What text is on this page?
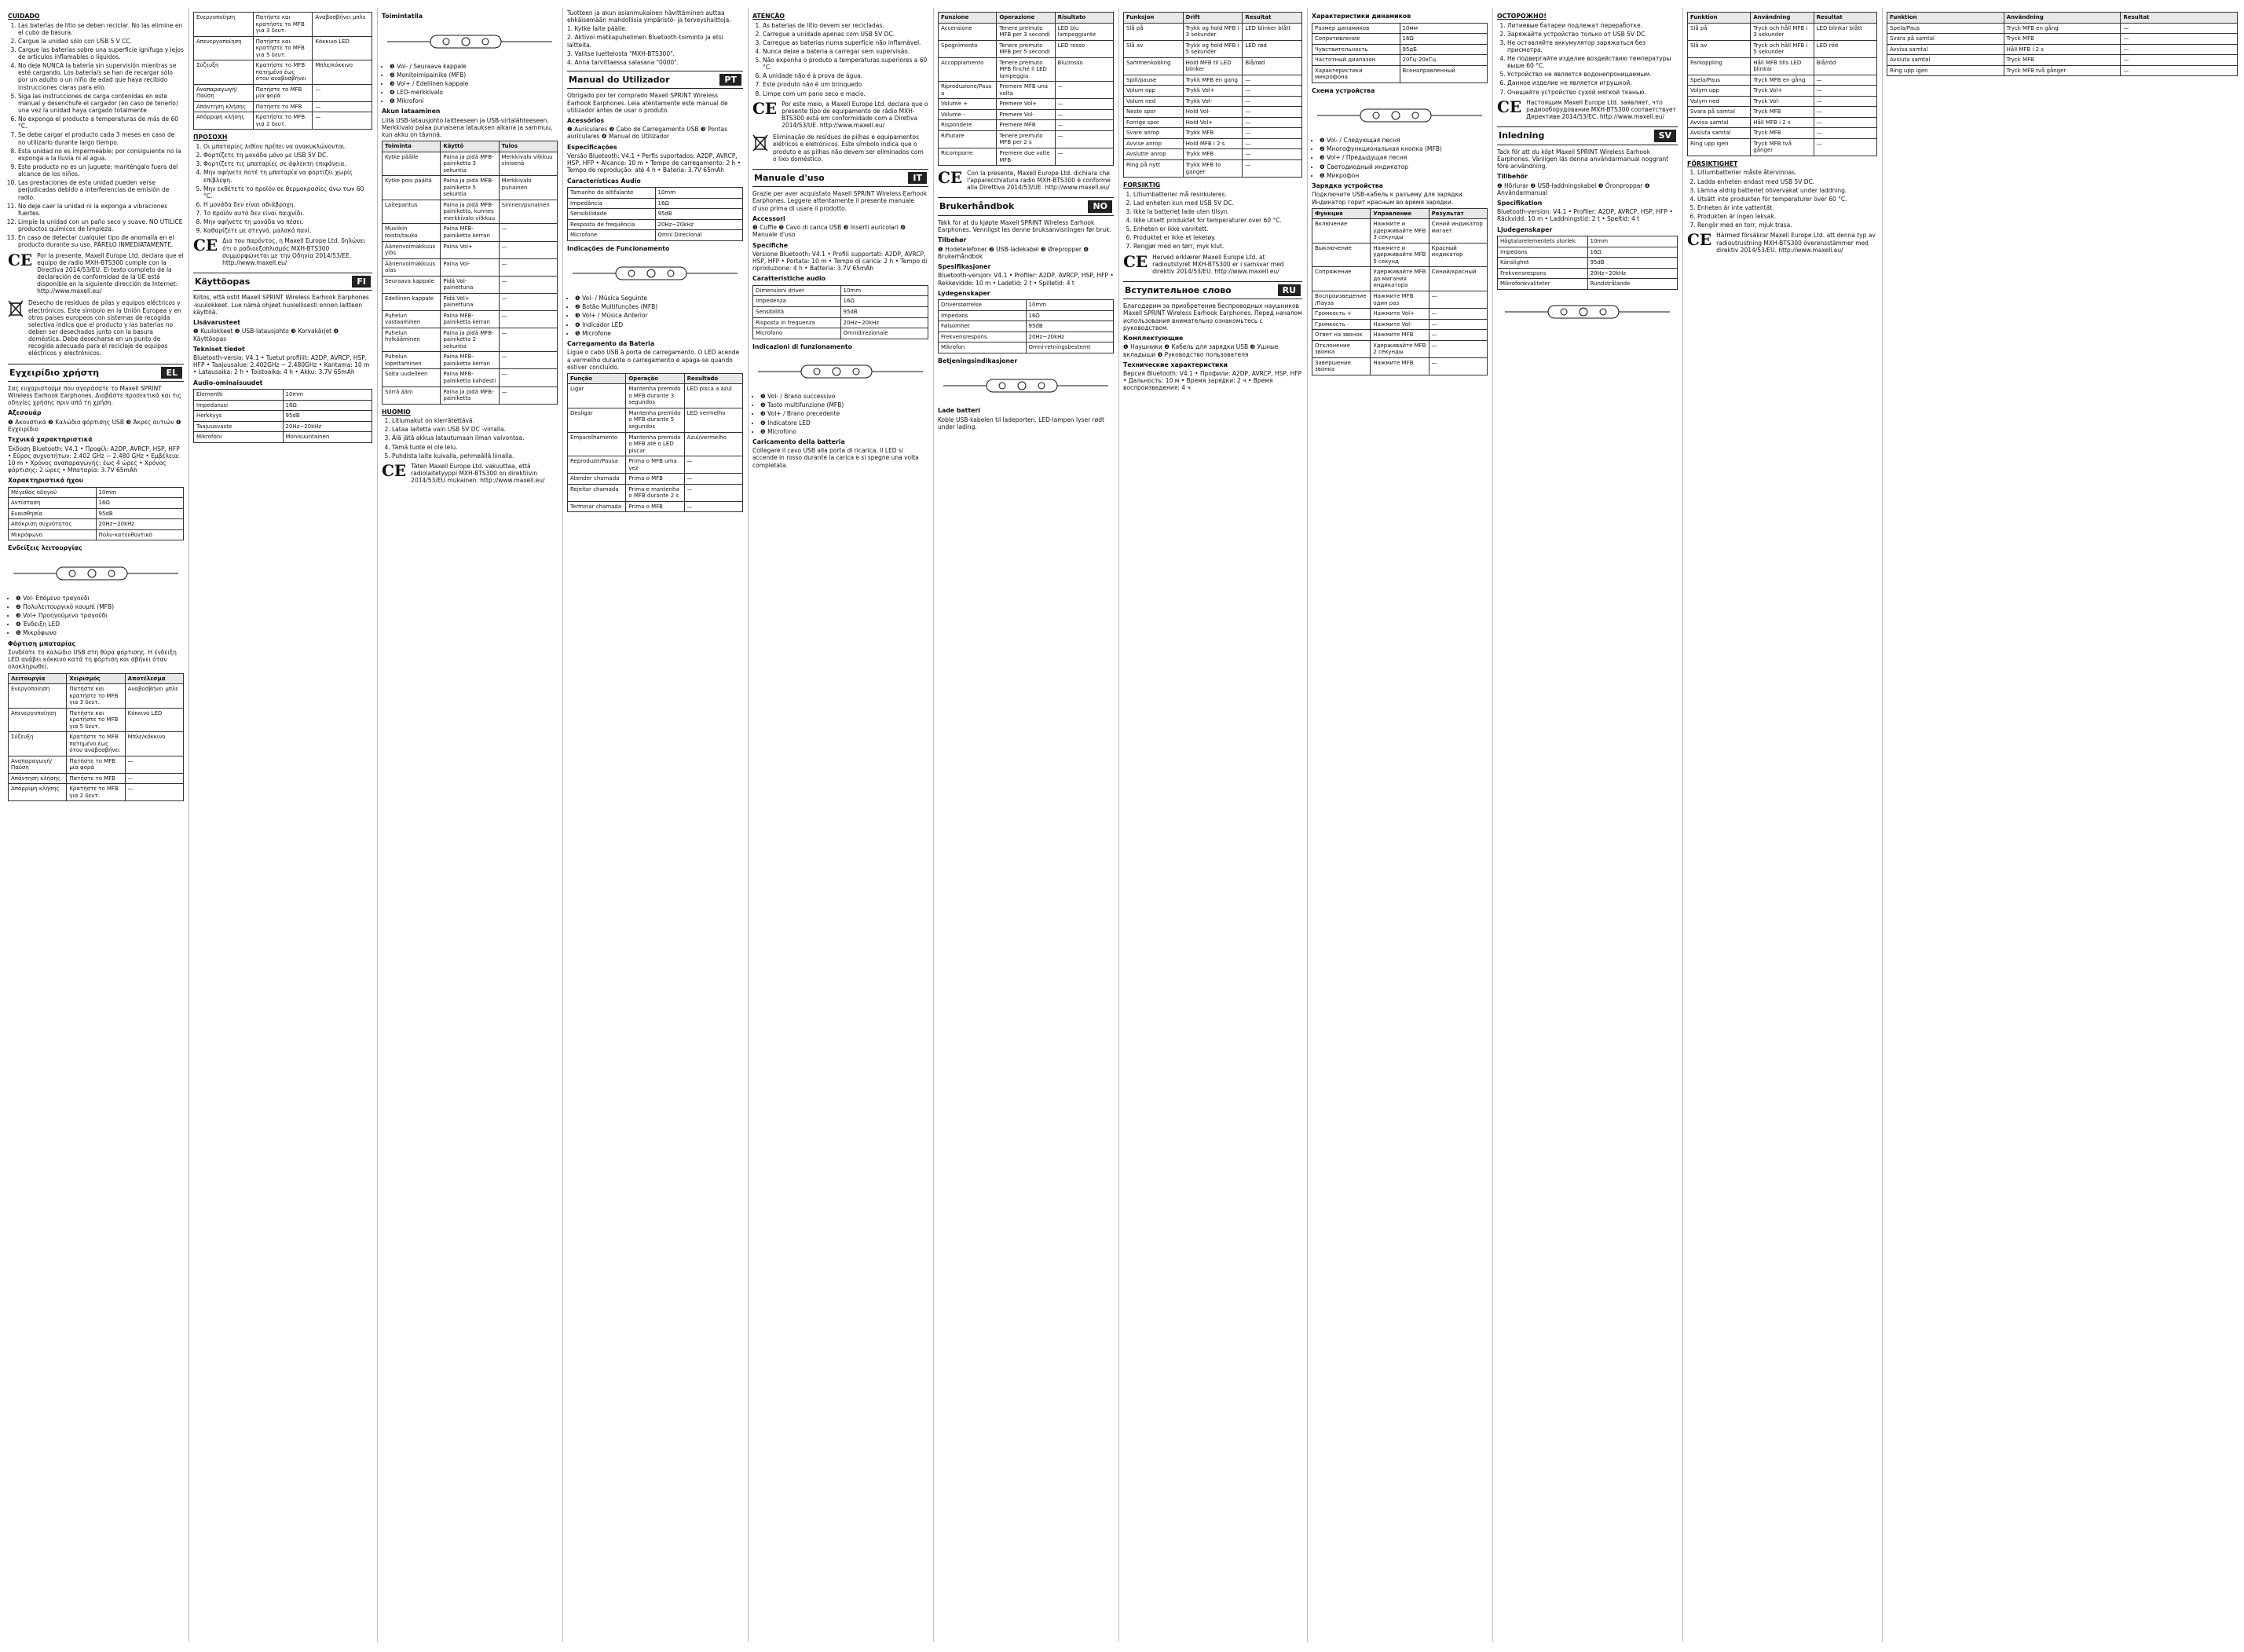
CUIDADO
1. Las baterías de litio se deben reciclar. No las elimine en el cubo de basura.
2. Cargue la unidad sólo con USB 5 V CC.
3. Cargue las baterías sobre una superficie ignífuga y lejos de artículos inflamables o líquidos.
4. No deje NUNCA la batería sin supervisión mientras se esté cargando. Los batería/s se han de recargar sólo por un adulto o un niño de edad que haya recibido instrucciones claras para ello.
5. Siga las instrucciones de carga contenidas en este manual y desenchufe el cargador (en caso de tenerlo) una vez la unidad haya cargado totalmente.
6. No exponga el producto a temperaturas de más de 60 °C.
7. Se debe cargar el producto cada 3 meses en caso de no utilizarlo durante largo tiempo.
8. Esta unidad no es impermeable; por consiguiente no la exponga a la lluvia ni al agua.
9. Este producto no es un juguete; manténgalo fuera del alcance de los niños.
10. Las prestaciones de esta unidad pueden verse perjudicadas debido a interferencias de emisión de radio.
11. No deje caer la unidad ni la exponga a vibraciones fuertes.
12. Limpie la unidad con un paño seco y suave. NO UTILICE productos químicos de limpieza.
13. En caso de detectar cualquier tipo de anomalía en el producto durante su uso, PÁRELO INMEDIATAMENTE.
CE Por la presente, Maxell Europe Ltd. declara que el equipo de radio MXH-BTS300 cumple con la Directiva 2014/53/EU. El texto completo de la declaración de conformidad de la UE está disponible en la siguiente dirección de Internet: http://www.maxell.eu/

Desecho de residuos de pilas y equipos eléctricos y electrónicos. Este símbolo en la Unión Europea y en otros países europeos con sistemas de recogida selectiva indica que el producto y las baterías no deben ser desechados junto con la basura doméstica. Debe desecharse en un punto de recogida adecuado para el reciclaje de equipos eléctricos y electrónicos.

Εγχειρίδιο χρήστη	EL

Σας ευχαριστούμε που αγοράσατε το Maxell SPRINT Wireless Earhook Earphones. Διαβάστε προσεκτικά και τις οδηγίες χρήσης πριν από τη χρήση.

Αξεσουάρ

❶ Ακουστικά ❷ Καλώδιο φόρτισης USB ❸ Άκρες αυτιών ❹ Εγχειρίδιο

Τεχνικά χαρακτηριστικά

Έκδοση Bluetooth: V4.1 • Προφίλ: A2DP, AVRCP, HSP, HFP • Εύρος συχνοτήτων: 2.402 GHz ~ 2.480 GHz • Εμβέλεια: 10 m • Χρόνος αναπαραγωγής: έως 4 ώρες • Χρόνος φόρτισης: 2 ώρες • Μπαταρία: 3.7V 65mAh

Χαρακτηριστικά ήχου
Μέγεθος οδηγού	10mm
Αντίσταση	16Ω
Ευαισθησία	95dB
Απόκριση συχνότητας	20Hz~20kHz
Μικρόφωνο	Πολυ-κατευθυντικό
Ενδείξεις λειτουργίας
• ❶ Vol- Επόμενο τραγούδι
• ❷ Πολυλειτουργικό κουμπί (MFB)
• ❸ Vol+ Προηγούμενο τραγούδι
• ❹ Ένδειξη LED
• ❺ Μικρόφωνο
Φόρτιση μπαταρίας

Συνδέστε το καλώδιο USB στη θύρα φόρτισης. Η ένδειξη LED ανάβει κόκκινο κατά τη φόρτιση και σβήνει όταν ολοκληρωθεί.

Λειτουργία	Χειρισμός	Αποτέλεσμα
Ενεργοποίηση	Πατήστε και κρατήστε το MFB για 3 δευτ.	Αναβοσβήνει μπλε
Απενεργοποίηση	Πατήστε και κρατήστε το MFB για 5 δευτ.	Κόκκινο LED
Σύζευξη	Κρατήστε το MFB πατημένο έως ότου αναβοσβήνει	Μπλε/κόκκινο
Αναπαραγωγή/Παύση	Πατήστε το MFB μία φορά	—
Απάντηση κλήσης	Πατήστε το MFB	—
Απόρριψη κλήσης	Κρατήστε το MFB για 2 δευτ.	—
Ενεργοποίηση	Πατήστε και κρατήστε το MFB για 3 δευτ.	Αναβοσβήνει μπλε
Απενεργοποίηση	Πατήστε και κρατήστε το MFB για 5 δευτ.	Κόκκινο LED
Σύζευξη	Κρατήστε το MFB πατημένο έως ότου αναβοσβήνει	Μπλε/κόκκινο
Αναπαραγωγή/Παύση	Πατήστε το MFB μία φορά	—
Απάντηση κλήσης	Πατήστε το MFB	—
Απόρριψη κλήσης	Κρατήστε το MFB για 2 δευτ.	—
ΠΡΟΣΟΧΗ
1. Οι μπαταρίες λιθίου πρέπει να ανακυκλώνονται.
2. Φορτίζετε τη μονάδα μόνο με USB 5V DC.
3. Φορτίζετε τις μπαταρίες σε άφλεκτη επιφάνεια.
4. Μην αφήνετε ποτέ τη μπαταρία να φορτίζει χωρίς επίβλεψη.
5. Μην εκθέτετε το προϊόν σε θερμοκρασίες άνω των 60 °C.
6. Η μονάδα δεν είναι αδιάβροχη.
7. Το προϊόν αυτό δεν είναι παιχνίδι.
8. Μην αφήνετε τη μονάδα να πέσει.
9. Καθαρίζετε με στεγνό, μαλακό πανί.
CE Δια του παρόντος, η Maxell Europe Ltd. δηλώνει ότι ο ραδιοεξοπλισμός MXH-BTS300 συμμορφώνεται με την Οδηγία 2014/53/ΕΕ. http://www.maxell.eu/

Käyttöopas	FI

Kiitos, että ostit Maxell SPRINT Wireless Earhook Earphones -kuulokkeet. Lue nämä ohjeet huolellisesti ennen laitteen käyttöä.

Lisävarusteet

❶ Kuulokkeet ❷ USB-latausjohto ❸ Korvakärjet ❹ Käyttöopas

Tekniset tiedot

Bluetooth-versio: V4.1 • Tuetut profiilit: A2DP, AVRCP, HSP, HFP • Taajuusalue: 2.402GHz ~ 2.480GHz • Kantama: 10 m • Latausaika: 2 h • Toistoaika: 4 h • Akku: 3.7V 65mAh

Audio-ominaisuudet
Elementti	10mm
Impedanssi	16Ω
Herkkyys	95dB
Taajuusvaste	20Hz~20kHz
Mikrofoni	Monisuuntainen
Toimintatila
• ❶ Vol- / Seuraava kappale
• ❷ Monitoimipainike (MFB)
• ❸ Vol+ / Edellinen kappale
• ❹ LED-merkkivalo
• ❺ Mikrofoni
Akun lataaminen

Liitä USB-latausjohto laitteeseen ja USB-virtalähteeseen. Merkkivalo palaa punaisena latauksen aikana ja sammuu, kun akku on täynnä.

Toiminta	Käyttö	Tulos
Kytke päälle	Paina ja pidä MFB-painiketta 3 sekuntia	Merkkivalo vilkkuu sinisenä
Kytke pois päältä	Paina ja pidä MFB-painiketta 5 sekuntia	Merkkivalo punainen
Laiteparitus	Paina ja pidä MFB-painiketta, kunnes merkkivalo vilkkuu	Sininen/punainen
Musiikin toisto/tauko	Paina MFB-painiketta kerran	—
Äänenvoimakkuus ylös	Paina Vol+	—
Äänenvoimakkuus alas	Paina Vol-	—
Seuraava kappale	Pidä Vol- painettuna	—
Edellinen kappale	Pidä Vol+ painettuna	—
Puhelun vastaaminen	Paina MFB-painiketta kerran	—
Puhelun hylkääminen	Paina ja pidä MFB-painiketta 2 sekuntia	—
Puhelun lopettaminen	Paina MFB-painiketta kerran	—
Soita uudelleen	Paina MFB-painiketta kahdesti	—
Siirrä ääni	Paina ja pidä MFB-painiketta	—
HUOMIO
1. Litiumakut on kierrätettävä.
2. Lataa laitetta vain USB 5V DC -virralla.
3. Älä jätä akkua latautumaan ilman valvontaa.
4. Tämä tuote ei ole lelu.
5. Puhdista laite kuivalla, pehmeällä liinalla.
CE Täten Maxell Europe Ltd. vakuuttaa, että radiolaitetyyppi MXH-BTS300 on direktiivin 2014/53/EU mukainen. http://www.maxell.eu/

Tuotteen ja akun asianmukainen hävittäminen auttaa ehkäisemään mahdollisia ympäristö- ja terveyshaittoja.

1. Kytke laite päälle.

2. Aktivoi matkapuhelimen Bluetooth-toiminto ja etsi laitteita.

3. Valitse luettelosta "MXH-BTS300".

4. Anna tarvittaessa salasana "0000".

Manual do Utilizador	PT

Obrigado por ter comprado Maxell SPRINT Wireless Earhook Earphones. Leia atentamente este manual de utilizador antes de usar o produto.

Acessórios

❶ Auriculares ❷ Cabo de Carregamento USB ❸ Pontas auriculares ❹ Manual do Utilizador

Especificações

Versão Bluetooth: V4.1 • Perfis suportados: A2DP, AVRCP, HSP, HFP • Alcance: 10 m • Tempo de carregamento: 2 h • Tempo de reprodução: até 4 h • Bateria: 3.7V 65mAh

Características Áudio
Tamanho do altifalante	10mm
Impedância	16Ω
Sensibilidade	95dB
Resposta de frequência	20Hz~20kHz
Microfone	Omni Direcional
Indicações de Funcionamento
• ❶ Vol- / Música Seguinte
• ❷ Botão Multifunções (MFB)
• ❸ Vol+ / Música Anterior
• ❹ Indicador LED
• ❺ Microfone
Carregamento da Bateria

Ligue o cabo USB à porta de carregamento. O LED acende a vermelho durante o carregamento e apaga-se quando estiver concluído.

Função	Operação	Resultado
Ligar	Mantenha premido o MFB durante 3 segundos	LED pisca a azul
Desligar	Mantenha premido o MFB durante 5 segundos	LED vermelho
Emparelhamento	Mantenha premido o MFB até o LED piscar	Azul/vermelho
Reproduzir/Pausa	Prima o MFB uma vez	—
Atender chamada	Prima o MFB	—
Rejeitar chamada	Prima e mantenha o MFB durante 2 s	—
Terminar chamada	Prima o MFB	—
ATENÇÃO
1. As baterias de lítio devem ser recicladas.
2. Carregue a unidade apenas com USB 5V DC.
3. Carregue as baterias numa superfície não inflamável.
4. Nunca deixe a bateria a carregar sem supervisão.
5. Não exponha o produto a temperaturas superiores a 60 °C.
6. A unidade não é à prova de água.
7. Este produto não é um brinquedo.
8. Limpe com um pano seco e macio.
CE Por este meio, a Maxell Europe Ltd. declara que o presente tipo de equipamento de rádio MXH-BTS300 está em conformidade com a Diretiva 2014/53/UE. http://www.maxell.eu/

Eliminação de resíduos de pilhas e equipamentos elétricos e eletrónicos. Este símbolo indica que o produto e as pilhas não devem ser eliminados com o lixo doméstico.

Manuale d'uso	IT

Grazie per aver acquistato Maxell SPRINT Wireless Earhook Earphones. Leggere attentamente il presente manuale d'uso prima di usare il prodotto.

Accessori

❶ Cuffie ❷ Cavo di carica USB ❸ Inserti auricolari ❹ Manuale d'uso

Specifiche

Versione Bluetooth: V4.1 • Profili supportati: A2DP, AVRCP, HSP, HFP • Portata: 10 m • Tempo di carica: 2 h • Tempo di riproduzione: 4 h • Batteria: 3.7V 65mAh

Caratteristiche audio
Dimensioni driver	10mm
Impedenza	16Ω
Sensibilità	95dB
Risposta in frequenza	20Hz~20kHz
Microfono	Omnidirezionale
Indicazioni di funzionamento
• ❶ Vol- / Brano successivo
• ❷ Tasto multifunzione (MFB)
• ❸ Vol+ / Brano precedente
• ❹ Indicatore LED
• ❺ Microfono
Caricamento della batteria

Collegare il cavo USB alla porta di ricarica. Il LED si accende in rosso durante la carica e si spegne una volta completata.

Funzione	Operazione	Risultato
Accensione	Tenere premuto MFB per 3 secondi	LED blu lampeggiante
Spegnimento	Tenere premuto MFB per 5 secondi	LED rosso
Accoppiamento	Tenere premuto MFB finché il LED lampeggia	Blu/rosso
Riproduzione/Pausa	Premere MFB una volta	—
Volume +	Premere Vol+	—
Volume -	Premere Vol-	—
Rispondere	Premere MFB	—
Rifiutare	Tenere premuto MFB per 2 s	—
Ricomporre	Premere due volte MFB	—
CE Con la presente, Maxell Europe Ltd. dichiara che l'apparecchiatura radio MXH-BTS300 è conforme alla Direttiva 2014/53/UE. http://www.maxell.eu/

Brukerhåndbok	NO

Takk for at du kjøpte Maxell SPRINT Wireless Earhook Earphones. Vennligst les denne bruksanvisningen før bruk.

Tilbehør

❶ Hodetelefoner ❷ USB-ladekabel ❸ Ørepropper ❹ Brukerhåndbok

Spesifikasjoner

Bluetooth-versjon: V4.1 • Profiler: A2DP, AVRCP, HSP, HFP • Rekkevidde: 10 m • Ladetid: 2 t • Spilletid: 4 t

Lydegenskaper
Driverstørrelse	10mm
Impedans	16Ω
Følsomhet	95dB
Frekvensrespons	20Hz~20kHz
Mikrofon	Omni-retningsbestemt
Betjeningsindikasjoner
Lade batteri

Koble USB-kabelen til ladeporten. LED-lampen lyser rødt under lading.

Funksjon	Drift	Resultat
Slå på	Trykk og hold MFB i 3 sekunder	LED blinker blått
Slå av	Trykk og hold MFB i 5 sekunder	LED rød
Sammenkobling	Hold MFB til LED blinker	Blå/rød
Spill/pause	Trykk MFB én gang	—
Volum opp	Trykk Vol+	—
Volum ned	Trykk Vol-	—
Neste spor	Hold Vol-	—
Forrige spor	Hold Vol+	—
Svare anrop	Trykk MFB	—
Avvise anrop	Hold MFB i 2 s	—
Avslutte anrop	Trykk MFB	—
Ring på nytt	Trykk MFB to ganger	—
FORSIKTIG
1. Litiumbatterier må resirkuleres.
2. Lad enheten kun med USB 5V DC.
3. Ikke la batteriet lade uten tilsyn.
4. Ikke utsett produktet for temperaturer over 60 °C.
5. Enheten er ikke vanntett.
6. Produktet er ikke et leketøy.
7. Rengjør med en tørr, myk klut.
CE Herved erklærer Maxell Europe Ltd. at radioutstyret MXH-BTS300 er i samsvar med direktiv 2014/53/EU. http://www.maxell.eu/

Вступительное слово	RU

Благодарим за приобретение беспроводных наушников Maxell SPRINT Wireless Earhook Earphones. Перед началом использования внимательно ознакомьтесь с руководством.

Комплектующие

❶ Наушники ❷ Кабель для зарядки USB ❸ Ушные вкладыши ❹ Руководство пользователя

Технические характеристики

Версия Bluetooth: V4.1 • Профили: A2DP, AVRCP, HSP, HFP • Дальность: 10 м • Время зарядки: 2 ч • Время воспроизведения: 4 ч

Характеристики динамиков
Размер динамиков	10мм
Сопротивление	16Ω
Чувствительность	95дБ
Частотный диапазон	20Гц-20кГц
Характеристики микрофона	Всенаправленный
Схема устройства
• ❶ Vol- / Следующая песня
• ❷ Многофункциональная кнопка (MFB)
• ❸ Vol+ / Предыдущая песня
• ❹ Светодиодный индикатор
• ❺ Микрофон
Зарядка устройства

Подключите USB-кабель к разъему для зарядки. Индикатор горит красным во время зарядки.

Функция	Управление	Результат
Включение	Нажмите и удерживайте MFB 3 секунды	Синий индикатор мигает
Выключение	Нажмите и удерживайте MFB 5 секунд	Красный индикатор
Сопряжение	Удерживайте MFB до мигания индикатора	Синий/красный
Воспроизведение/Пауза	Нажмите MFB один раз	—
Громкость +	Нажмите Vol+	—
Громкость -	Нажмите Vol-	—
Ответ на звонок	Нажмите MFB	—
Отклонение звонка	Удерживайте MFB 2 секунды	—
Завершение звонка	Нажмите MFB	—
ОСТОРОЖНО!
1. Литиевые батареи подлежат переработке.
2. Заряжайте устройство только от USB 5V DC.
3. Не оставляйте аккумулятор заряжаться без присмотра.
4. Не подвергайте изделие воздействию температуры выше 60 °C.
5. Устройство не является водонепроницаемым.
6. Данное изделие не является игрушкой.
7. Очищайте устройство сухой мягкой тканью.
CE Настоящим Maxell Europe Ltd. заявляет, что радиооборудование MXH-BTS300 соответствует Директиве 2014/53/ЕС. http://www.maxell.eu/

Inledning	SV

Tack för att du köpt Maxell SPRINT Wireless Earhook Earphones. Vänligen läs denna användarmanual noggrant före användning.

Tillbehör

❶ Hörlurar ❷ USB-laddningskabel ❸ Öronproppar ❹ Användarmanual

Specifikation

Bluetooth-version: V4.1 • Profiler: A2DP, AVRCP, HSP, HFP • Räckvidd: 10 m • Laddningstid: 2 t • Speltid: 4 t

Ljudegenskaper
Högtalarelementets storlek	10mm
Impedans	16Ω
Känslighet	95dB
Frekvensrespons	20Hz~20kHz
Mikrofonkvaliteter	Rundstrålande
Funktion	Användning	Resultat
Slå på	Tryck och håll MFB i 3 sekunder	LED blinkar blått
Slå av	Tryck och håll MFB i 5 sekunder	LED röd
Parkoppling	Håll MFB tills LED blinkar	Blå/röd
Spela/Paus	Tryck MFB en gång	—
Volym upp	Tryck Vol+	—
Volym ned	Tryck Vol-	—
Svara på samtal	Tryck MFB	—
Avvisa samtal	Håll MFB i 2 s	—
Avsluta samtal	Tryck MFB	—
Ring upp igen	Tryck MFB två gånger	—
FÖRSIKTIGHET
1. Litiumbatterier måste återvinnas.
2. Ladda enheten endast med USB 5V DC.
3. Lämna aldrig batteriet oövervakat under laddning.
4. Utsätt inte produkten för temperaturer över 60 °C.
5. Enheten är inte vattentät.
6. Produkten är ingen leksak.
7. Rengör med en torr, mjuk trasa.
CE Härmed försäkrar Maxell Europe Ltd. att denna typ av radioutrustning MXH-BTS300 överensstämmer med direktiv 2014/53/EU. http://www.maxell.eu/

Funktion	Användning	Resultat
Spela/Paus	Tryck MFB en gång	—
Svara på samtal	Tryck MFB	—
Avvisa samtal	Håll MFB i 2 s	—
Avsluta samtal	Tryck MFB	—
Ring upp igen	Tryck MFB två gånger	—
